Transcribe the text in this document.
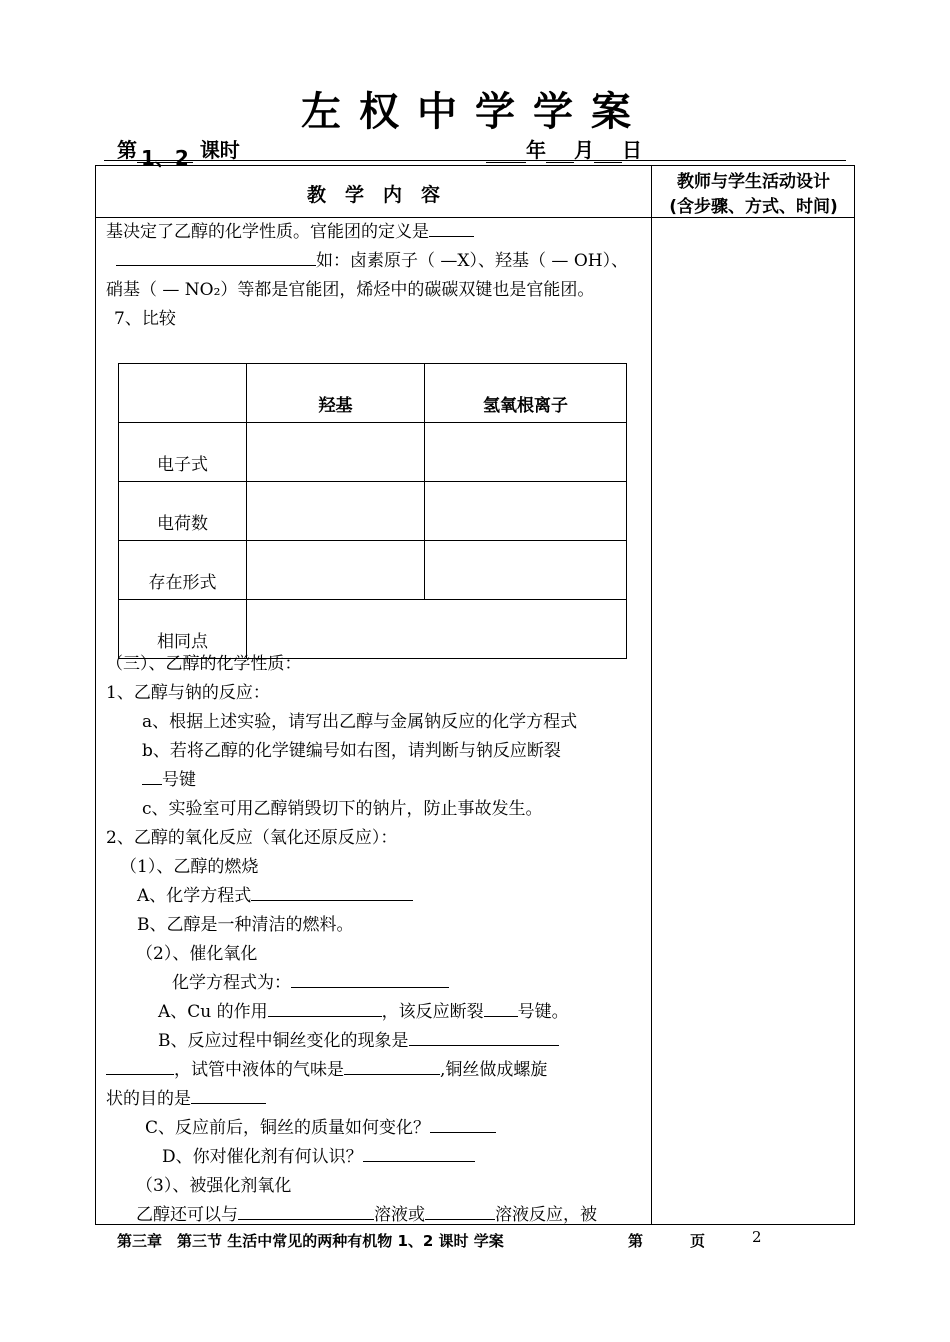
左权中学学案
第 1、2 课时	年 月 日
教　学　内　容
教师与学生活动设计
(含步骤、方式、时间)
基决定了乙醇的化学性质。官能团的定义是
如：卤素原子（ —X）、羟基（ — OH）、
硝基（ — NO₂）等都是官能团，烯烃中的碳碳双键也是官能团。
7、比较
	羟基	氢氧根离子
电子式		
电荷数		
存在形式		
相同点		
（三）、乙醇的化学性质：
1、乙醇与钠的反应：
a、根据上述实验，请写出乙醇与金属钠反应的化学方程式
b、若将乙醇的化学键编号如右图，请判断与钠反应断裂
号键
c、实验室可用乙醇销毁切下的钠片，防止事故发生。
2、乙醇的氧化反应（氧化还原反应）：
（1）、乙醇的燃烧
A、化学方程式
B、乙醇是一种清洁的燃料。
（2）、催化氧化
化学方程式为：
A、Cu 的作用	，该反应断裂 号键。
B、反应过程中铜丝变化的现象是
，试管中液体的气味是	,铜丝做成螺旋
状的目的是
C、反应前后，铜丝的质量如何变化？
D、你对催化剂有何认识？
（3）、被强化剂氧化
乙醇还可以与	溶液或	溶液反应，被
第三章　第三节 生活中常见的两种有机物 1、2 课时 学案	第	页	2
